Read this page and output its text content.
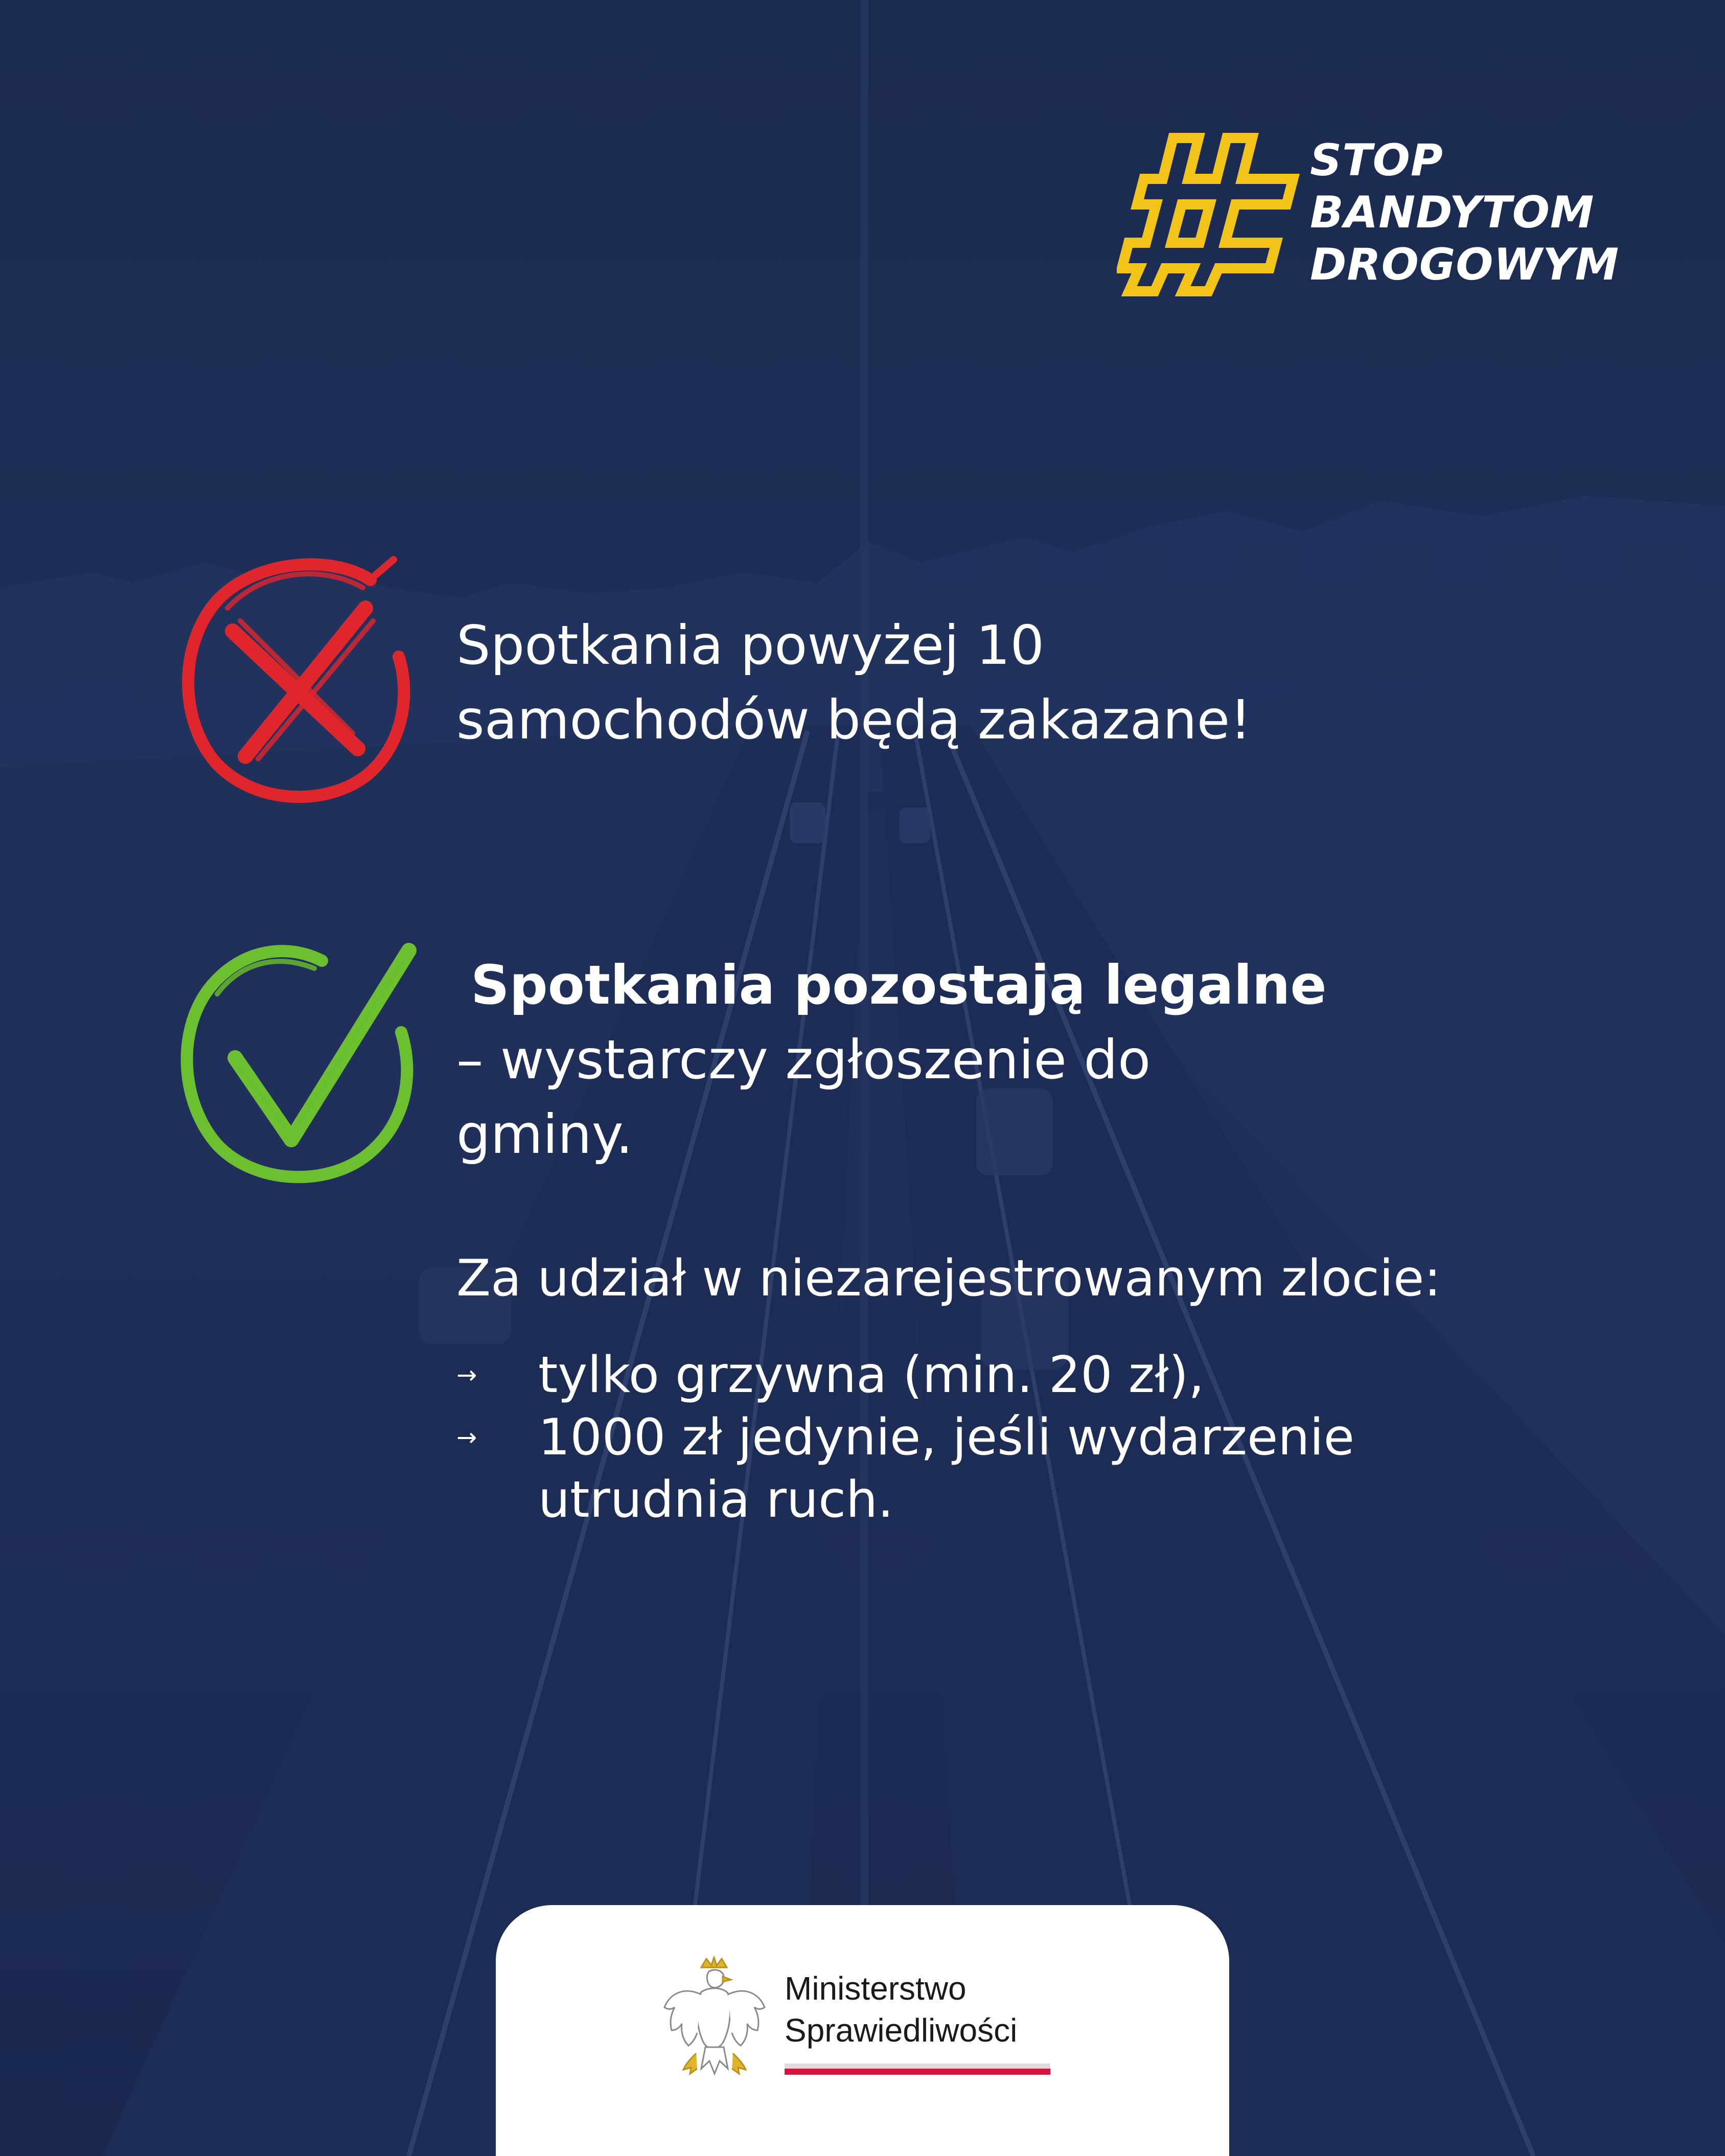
STOP
BANDYTOM
DROGOWYM
Spotkania powyżej 10
samochodów będą zakazane!
Spotkania pozostają legalne
– wystarczy zgłoszenie do
gminy.
Za udział w niezarejestrowanym zlocie:
→	tylko grzywna (min. 20 zł),
→	1000 zł jedynie, jeśli wydarzenie
utrudnia ruch.
Ministerstwo
Sprawiedliwości
